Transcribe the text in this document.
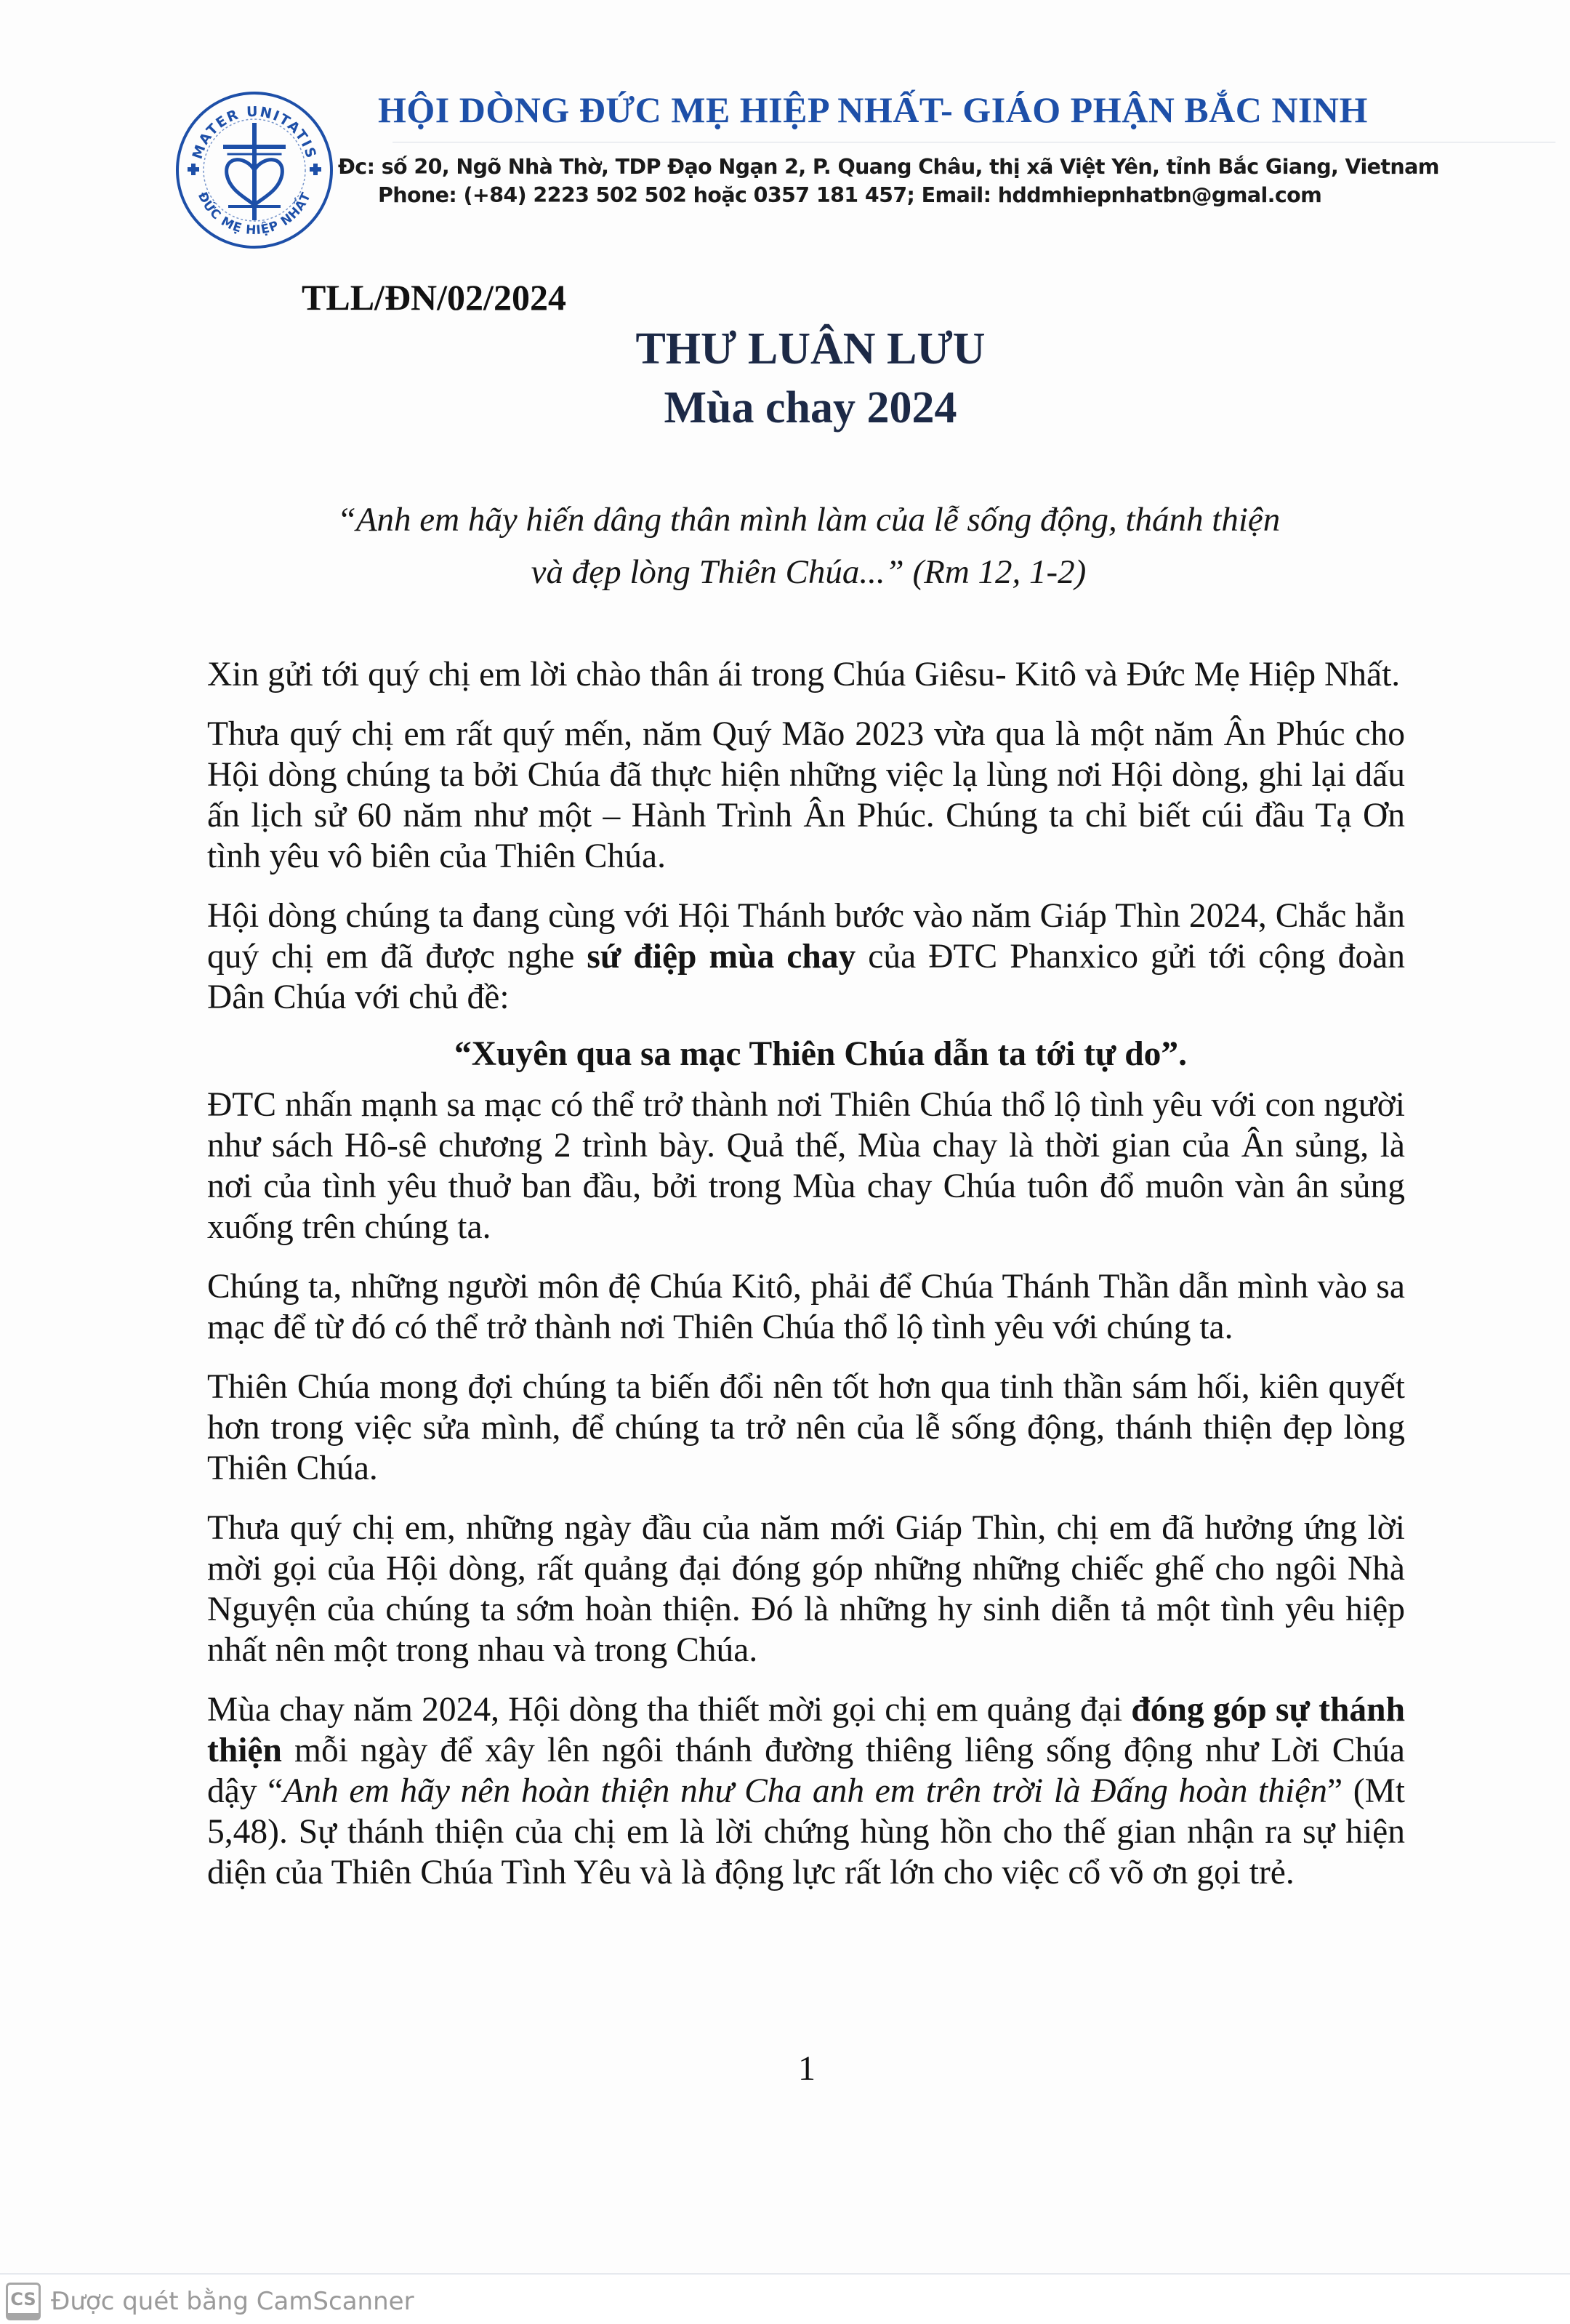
MATER UNITATIS
ĐỨC MẸ HIỆP NHẤT
HỘI DÒNG ĐỨC MẸ HIỆP NHẤT- GIÁO PHẬN BẮC NINH
Đc: số 20, Ngõ Nhà Thờ, TDP Đạo Ngạn 2, P. Quang Châu, thị xã Việt Yên, tỉnh Bắc Giang, Vietnam
Phone: (+84) 2223 502 502 hoặc 0357 181 457; Email: hddmhiepnhatbn@gmal.com
TLL/ĐN/02/2024
THƯ LUÂN LƯU
Mùa chay 2024
“Anh em hãy hiến dâng thân mình làm của lễ sống động, thánh thiện
và đẹp lòng Thiên Chúa...” (Rm 12, 1-2)

Xin gửi tới quý chị em lời chào thân ái trong Chúa Giêsu- Kitô và Đức Mẹ Hiệp Nhất.

Thưa quý chị em rất quý mến, năm Quý Mão 2023 vừa qua là một năm Ân Phúc cho Hội dòng chúng ta bởi Chúa đã thực hiện những việc lạ lùng nơi Hội dòng, ghi lại dấu ấn lịch sử 60 năm như một – Hành Trình Ân Phúc. Chúng ta chỉ biết cúi đầu Tạ Ơn tình yêu vô biên của Thiên Chúa.

Hội dòng chúng ta đang cùng với Hội Thánh bước vào năm Giáp Thìn 2024, Chắc hẳn quý chị em đã được nghe sứ điệp mùa chay của ĐTC Phanxico gửi tới cộng đoàn Dân Chúa với chủ đề:

“Xuyên qua sa mạc Thiên Chúa dẫn ta tới tự do”.

ĐTC nhấn mạnh sa mạc có thể trở thành nơi Thiên Chúa thổ lộ tình yêu với con người như sách Hô-sê chương 2 trình bày. Quả thế, Mùa chay là thời gian của Ân sủng, là nơi của tình yêu thuở ban đầu, bởi trong Mùa chay Chúa tuôn đổ muôn vàn ân sủng xuống trên chúng ta.

Chúng ta, những người môn đệ Chúa Kitô, phải để Chúa Thánh Thần dẫn mình vào sa mạc để từ đó có thể trở thành nơi Thiên Chúa thổ lộ tình yêu với chúng ta.

Thiên Chúa mong đợi chúng ta biến đổi nên tốt hơn qua tinh thần sám hối, kiên quyết hơn trong việc sửa mình, để chúng ta trở nên của lễ sống động, thánh thiện đẹp lòng Thiên Chúa.

Thưa quý chị em, những ngày đầu của năm mới Giáp Thìn, chị em đã hưởng ứng lời mời gọi của Hội dòng, rất quảng đại đóng góp những những chiếc ghế cho ngôi Nhà Nguyện của chúng ta sớm hoàn thiện. Đó là những hy sinh diễn tả một tình yêu hiệp nhất nên một trong nhau và trong Chúa.

Mùa chay năm 2024, Hội dòng tha thiết mời gọi chị em quảng đại đóng góp sự thánh thiện mỗi ngày để xây lên ngôi thánh đường thiêng liêng sống động như Lời Chúa dậy “Anh em hãy nên hoàn thiện như Cha anh em trên trời là Đấng hoàn thiện” (Mt 5,48). Sự thánh thiện của chị em là lời chứng hùng hồn cho thế gian nhận ra sự hiện diện của Thiên Chúa Tình Yêu và là động lực rất lớn cho việc cổ võ ơn gọi trẻ.

1
CS Được quét bằng CamScanner
